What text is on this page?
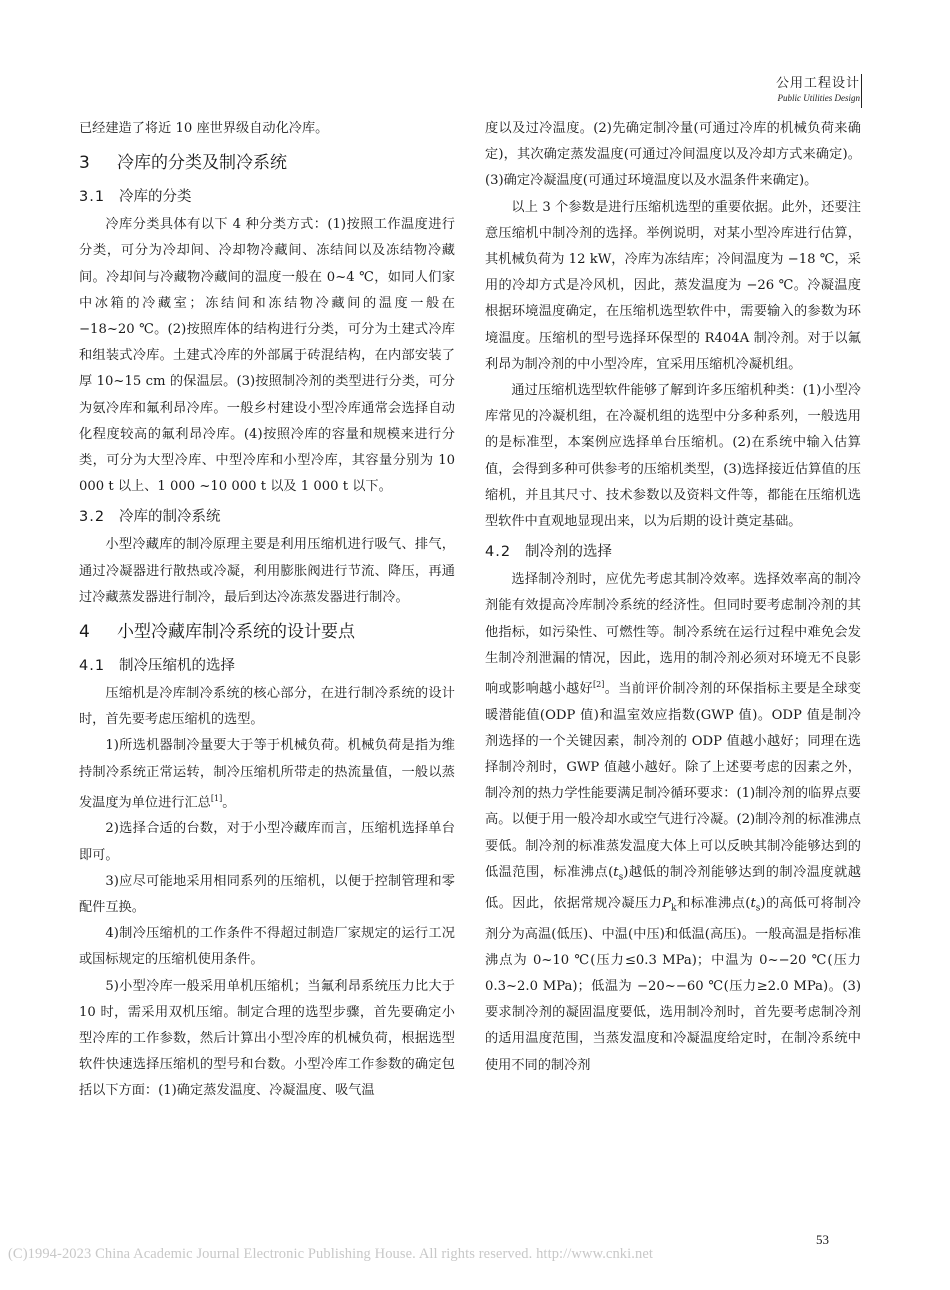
公用工程设计
Public Utilities Design

已经建造了将近 10 座世界级自动化冷库。

3 冷库的分类及制冷系统
3.1 冷库的分类

冷库分类具体有以下 4 种分类方式：(1)按照工作温度进行分类，可分为冷却间、冷却物冷藏间、冻结间以及冻结物冷藏间。冷却间与冷藏物冷藏间的温度一般在 0~4 ℃，如同人们家中冰箱的冷藏室；冻结间和冻结物冷藏间的温度一般在 −18~20 ℃。(2)按照库体的结构进行分类，可分为土建式冷库和组装式冷库。土建式冷库的外部属于砖混结构，在内部安装了厚 10~15 cm 的保温层。(3)按照制冷剂的类型进行分类，可分为氨冷库和氟利昂冷库。一般乡村建设小型冷库通常会选择自动化程度较高的氟利昂冷库。(4)按照冷库的容量和规模来进行分类，可分为大型冷库、中型冷库和小型冷库，其容量分别为 10 000 t 以上、1 000 ~10 000 t 以及 1 000 t 以下。

3.2 冷库的制冷系统

小型冷藏库的制冷原理主要是利用压缩机进行吸气、排气，通过冷凝器进行散热或冷凝，利用膨胀阀进行节流、降压，再通过冷藏蒸发器进行制冷，最后到达冷冻蒸发器进行制冷。

4 小型冷藏库制冷系统的设计要点
4.1 制冷压缩机的选择

压缩机是冷库制冷系统的核心部分，在进行制冷系统的设计时，首先要考虑压缩机的选型。

1)所选机器制冷量要大于等于机械负荷。机械负荷是指为维持制冷系统正常运转，制冷压缩机所带走的热流量值，一般以蒸发温度为单位进行汇总[1]。

2)选择合适的台数，对于小型冷藏库而言，压缩机选择单台即可。

3)应尽可能地采用相同系列的压缩机，以便于控制管理和零配件互换。

4)制冷压缩机的工作条件不得超过制造厂家规定的运行工况或国标规定的压缩机使用条件。

5)小型冷库一般采用单机压缩机；当氟利昂系统压力比大于 10 时，需采用双机压缩。制定合理的选型步骤，首先要确定小型冷库的工作参数，然后计算出小型冷库的机械负荷，根据选型软件快速选择压缩机的型号和台数。小型冷库工作参数的确定包括以下方面：(1)确定蒸发温度、冷凝温度、吸气温

度以及过冷温度。(2)先确定制冷量(可通过冷库的机械负荷来确定)，其次确定蒸发温度(可通过冷间温度以及冷却方式来确定)。(3)确定冷凝温度(可通过环境温度以及水温条件来确定)。

以上 3 个参数是进行压缩机选型的重要依据。此外，还要注意压缩机中制冷剂的选择。举例说明，对某小型冷库进行估算，其机械负荷为 12 kW，冷库为冻结库；冷间温度为 −18 ℃，采用的冷却方式是冷风机，因此，蒸发温度为 −26 ℃。冷凝温度根据环境温度确定，在压缩机选型软件中，需要输入的参数为环境温度。压缩机的型号选择环保型的 R404A 制冷剂。对于以氟利昂为制冷剂的中小型冷库，宜采用压缩机冷凝机组。

通过压缩机选型软件能够了解到许多压缩机种类：(1)小型冷库常见的冷凝机组，在冷凝机组的选型中分多种系列，一般选用的是标准型，本案例应选择单台压缩机。(2)在系统中输入估算值，会得到多种可供参考的压缩机类型，(3)选择接近估算值的压缩机，并且其尺寸、技术参数以及资料文件等，都能在压缩机选型软件中直观地显现出来，以为后期的设计奠定基础。

4.2 制冷剂的选择

选择制冷剂时，应优先考虑其制冷效率。选择效率高的制冷剂能有效提高冷库制冷系统的经济性。但同时要考虑制冷剂的其他指标，如污染性、可燃性等。制冷系统在运行过程中难免会发生制冷剂泄漏的情况，因此，选用的制冷剂必须对环境无不良影响或影响越小越好[2]。当前评价制冷剂的环保指标主要是全球变暖潜能值(ODP 值)和温室效应指数(GWP 值)。ODP 值是制冷剂选择的一个关键因素，制冷剂的 ODP 值越小越好；同理在选择制冷剂时，GWP 值越小越好。除了上述要考虑的因素之外，制冷剂的热力学性能要满足制冷循环要求：(1)制冷剂的临界点要高。以便于用一般冷却水或空气进行冷凝。(2)制冷剂的标准沸点要低。制冷剂的标准蒸发温度大体上可以反映其制冷能够达到的低温范围，标准沸点$(t_s)$越低的制冷剂能够达到的制冷温度就越低。因此，依据常规冷凝压力$P_k$和标准沸点$(t_s)$的高低可将制冷剂分为高温(低压)、中温(中压)和低温(高压)。一般高温是指标准沸点为 0~10 ℃(压力≤0.3 MPa)；中温为 0~−20 ℃(压力 0.3~2.0 MPa)；低温为 −20~−60 ℃(压力≥2.0 MPa)。(3)要求制冷剂的凝固温度要低，选用制冷剂时，首先要考虑制冷剂的适用温度范围，当蒸发温度和冷凝温度给定时，在制冷系统中使用不同的制冷剂

53
(C)1994-2023 China Academic Journal Electronic Publishing House. All rights reserved. http://www.cnki.net
